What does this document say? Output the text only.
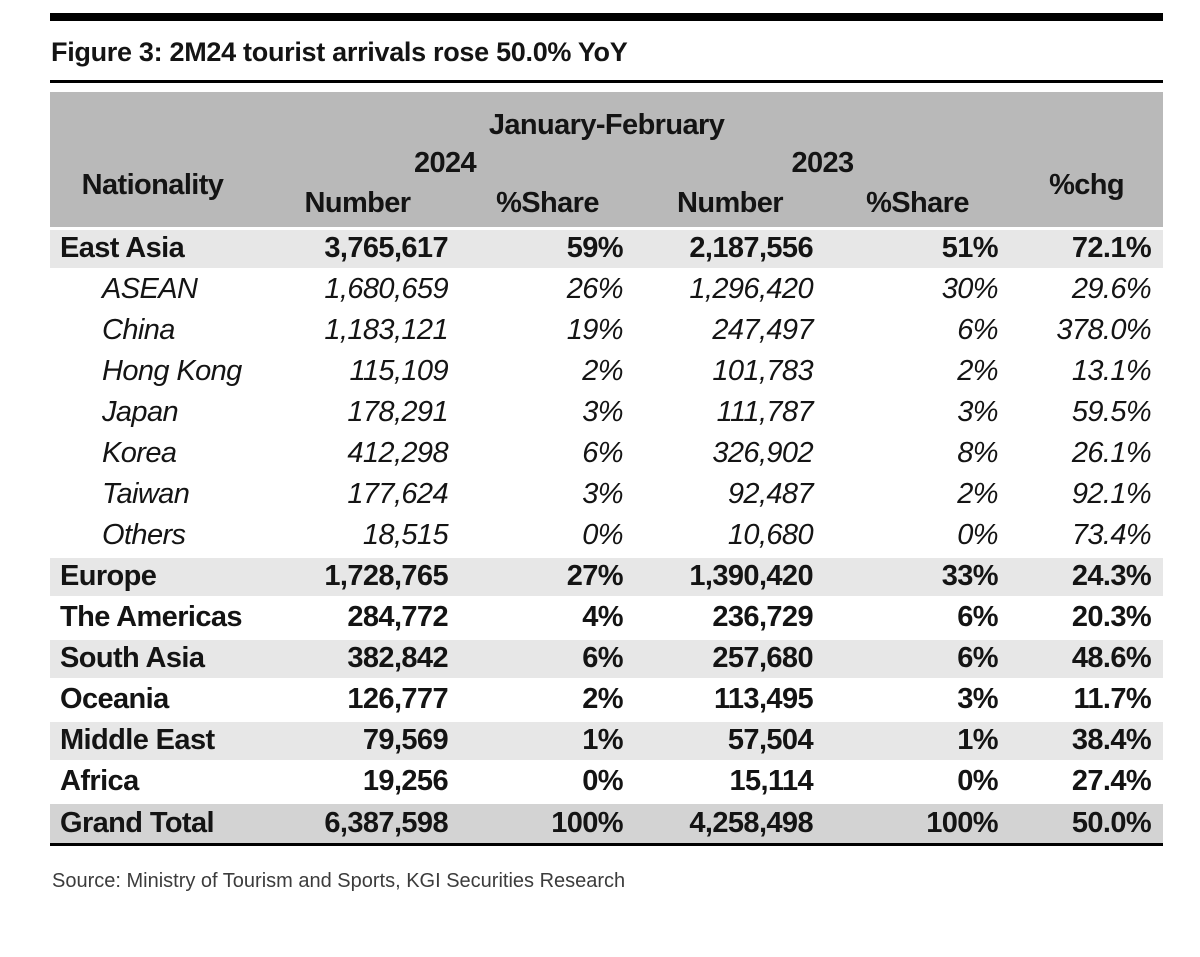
Figure 3: 2M24 tourist arrivals rose 50.0% YoY
January-February					
Nationality	2024		2023		%chg
	Number	%Share	Number	%Share	
East Asia	3,765,617	59%	2,187,556	51%	72.1%
ASEAN	1,680,659	26%	1,296,420	30%	29.6%
China	1,183,121	19%	247,497	6%	378.0%
Hong Kong	115,109	2%	101,783	2%	13.1%
Japan	178,291	3%	111,787	3%	59.5%
Korea	412,298	6%	326,902	8%	26.1%
Taiwan	177,624	3%	92,487	2%	92.1%
Others	18,515	0%	10,680	0%	73.4%
Europe	1,728,765	27%	1,390,420	33%	24.3%
The Americas	284,772	4%	236,729	6%	20.3%
South Asia	382,842	6%	257,680	6%	48.6%
Oceania	126,777	2%	113,495	3%	11.7%
Middle East	79,569	1%	57,504	1%	38.4%
Africa	19,256	0%	15,114	0%	27.4%
Grand Total	6,387,598	100%	4,258,498	100%	50.0%
Source: Ministry of Tourism and Sports, KGI Securities Research
